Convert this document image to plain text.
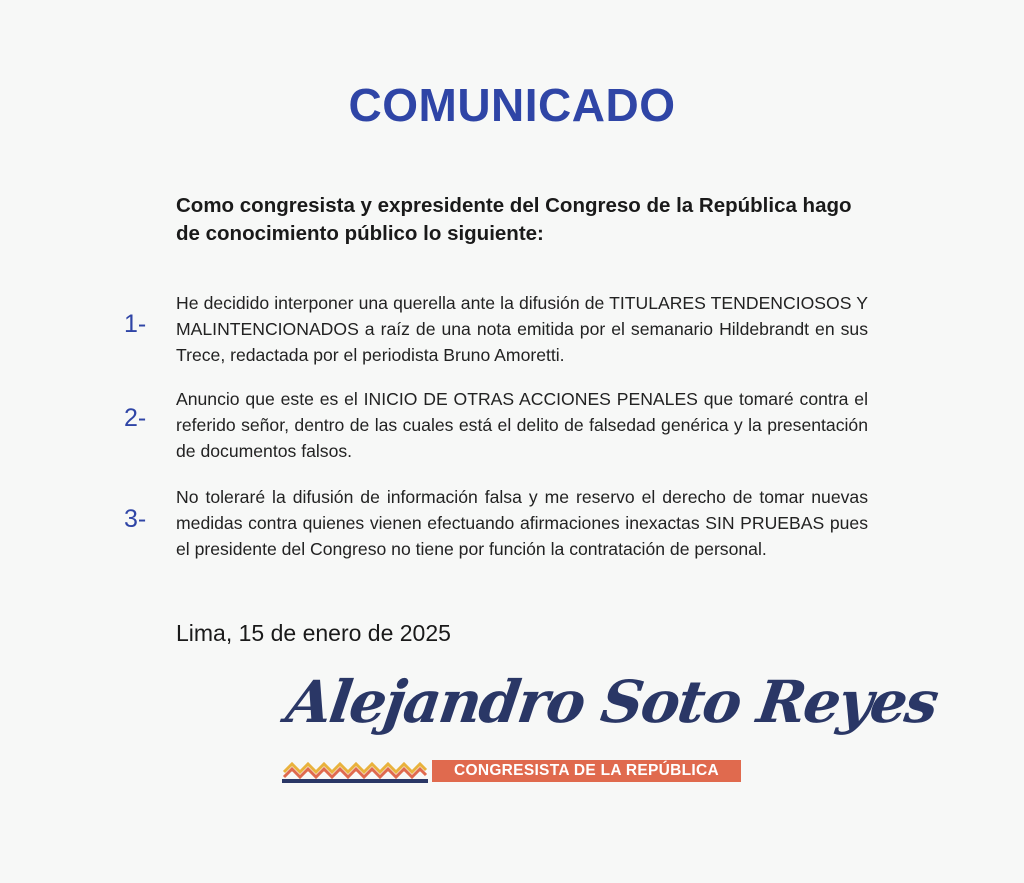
COMUNICADO
Como congresista y expresidente del Congreso de la República hago de conocimiento público lo siguiente:
1-
He decidido interponer una querella ante la difusión de TITULARES TENDENCIOSOS Y MALINTENCIONADOS a raíz de una nota emitida por el semanario Hildebrandt en sus Trece, redactada por el periodista Bruno Amoretti.
2-
Anuncio que este es el INICIO DE OTRAS ACCIONES PENALES que tomaré contra el referido señor, dentro de las cuales está el delito de falsedad genérica y la presentación de documentos falsos.
3-
No toleraré la difusión de información falsa y me reservo el derecho de tomar nuevas medidas contra quienes vienen efectuando afirmaciones inexactas SIN PRUEBAS pues el presidente del Congreso no tiene por función la contratación de personal.
Lima, 15 de enero de 2025
Alejandro Soto Reyes
CONGRESISTA DE LA REPÚBLICA
